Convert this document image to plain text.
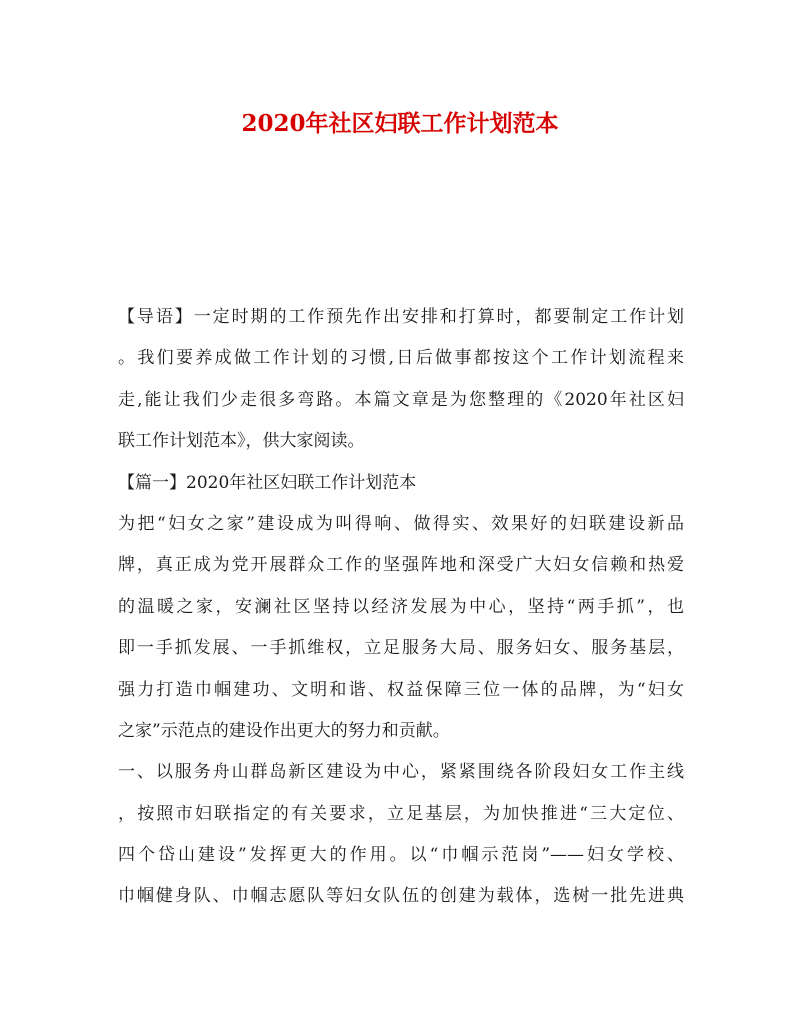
2020年社区妇联工作计划范本
【导语】一定时期的工作预先作出安排和打算时，都要制定工作计划
。我们要养成做工作计划的习惯,日后做事都按这个工作计划流程来
走,能让我们少走很多弯路。本篇文章是为您整理的《2020年社区妇
联工作计划范本》，供大家阅读。
【篇一】2020年社区妇联工作计划范本
为把“妇女之家”建设成为叫得响、做得实、效果好的妇联建设新品
牌，真正成为党开展群众工作的坚强阵地和深受广大妇女信赖和热爱
的温暖之家，安澜社区坚持以经济发展为中心，坚持“两手抓”，也
即一手抓发展、一手抓维权，立足服务大局、服务妇女、服务基层，
强力打造巾帼建功、文明和谐、权益保障三位一体的品牌，为“妇女
之家”示范点的建设作出更大的努力和贡献。
一、以服务舟山群岛新区建设为中心，紧紧围绕各阶段妇女工作主线
，按照市妇联指定的有关要求，立足基层，为加快推进“三大定位、
四个岱山建设”发挥更大的作用。以“巾帼示范岗”——妇女学校、
巾帼健身队、巾帼志愿队等妇女队伍的创建为载体，选树一批先进典
